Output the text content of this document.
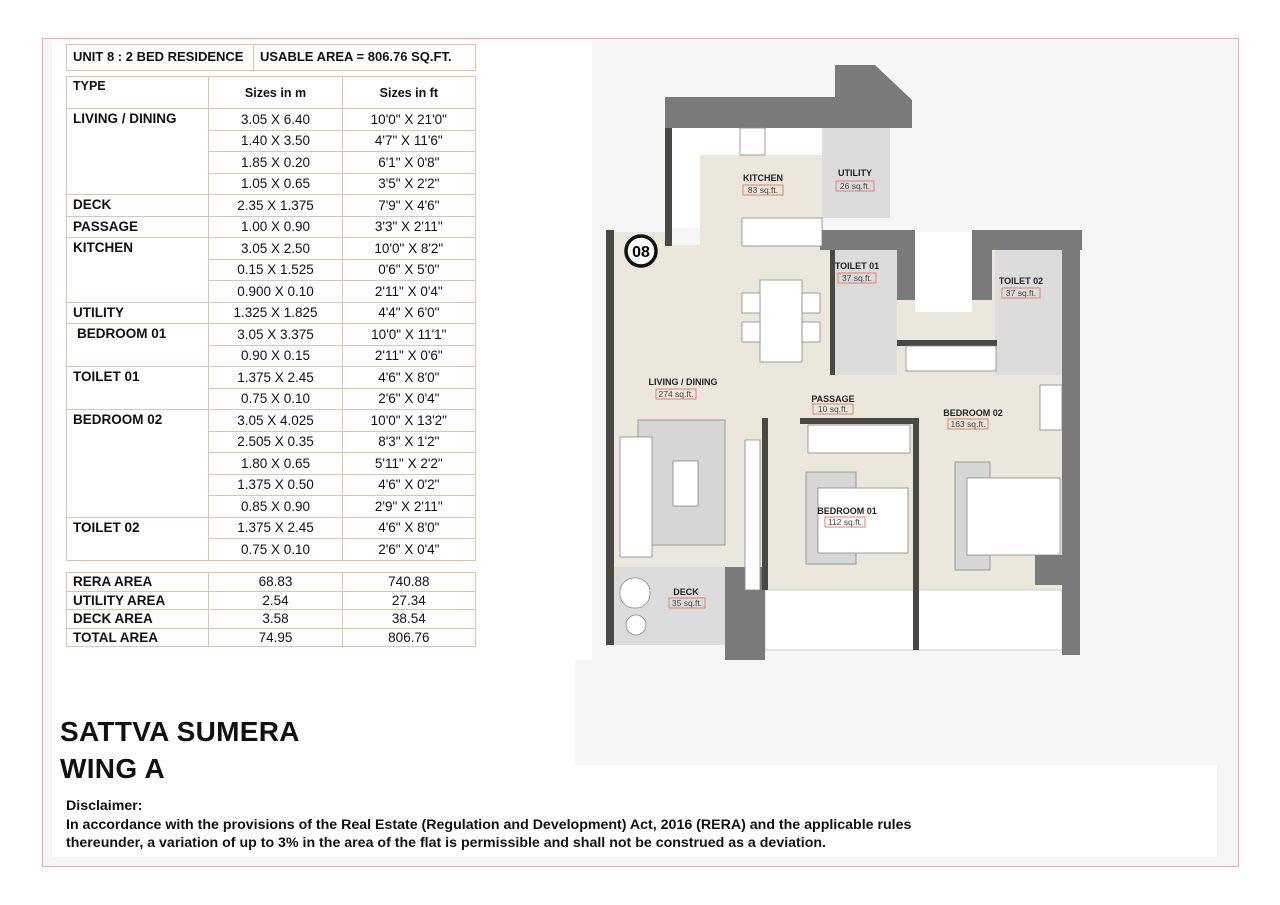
UNIT 8 : 2 BED RESIDENCE	USABLE AREA = 806.76 SQ.FT.
TYPE	Sizes in m	Sizes in ft
LIVING / DINING	3.05 X 6.40	10'0" X 21'0"
	1.40 X 3.50	4'7" X 11'6"
	1.85 X 0.20	6'1" X 0'8"
	1.05 X 0.65	3'5" X 2'2"
DECK	2.35 X 1.375	7'9" X 4'6"
PASSAGE	1.00 X 0.90	3'3" X 2'11"
KITCHEN	3.05 X 2.50	10'0" X 8'2"
	0.15 X 1.525	0'6" X 5'0"
	0.900 X 0.10	2'11" X 0'4"
UTILITY	1.325 X 1.825	4'4" X 6'0"
BEDROOM 01	3.05 X 3.375	10'0" X 11'1"
	0.90 X 0.15	2'11" X 0'6"
TOILET 01	1.375 X 2.45	4'6" X 8'0"
	0.75 X 0.10	2'6" X 0'4"
BEDROOM 02	3.05 X 4.025	10'0" X 13'2"
	2.505 X 0.35	8'3" X 1'2"
	1.80 X 0.65	5'11" X 2'2"
	1.375 X 0.50	4'6" X 0'2"
	0.85 X 0.90	2'9" X 2'11"
TOILET 02	1.375 X 2.45	4'6" X 8'0"
	0.75 X 0.10	2'6" X 0'4"
RERA AREA	68.83	740.88
UTILITY AREA	2.54	27.34
DECK AREA	3.58	38.54
TOTAL AREA	74.95	806.76
08
KITCHEN
83 sq.ft.
UTILITY
26 sq.ft.
TOILET 01
37 sq.ft.	TOILET 02
37 sq.ft.
LIVING / DINING
274 sq.ft.	PASSAGE
10 sq.ft.	BEDROOM 02
163 sq.ft.
BEDROOM 01
112 sq.ft.
DECK
35 sq.ft.
SATTVA SUMERA
WING A
Disclaimer:
In accordance with the provisions of the Real Estate (Regulation and Development) Act, 2016 (RERA) and the applicable rules
thereunder, a variation of up to 3% in the area of the flat is permissible and shall not be construed as a deviation.
